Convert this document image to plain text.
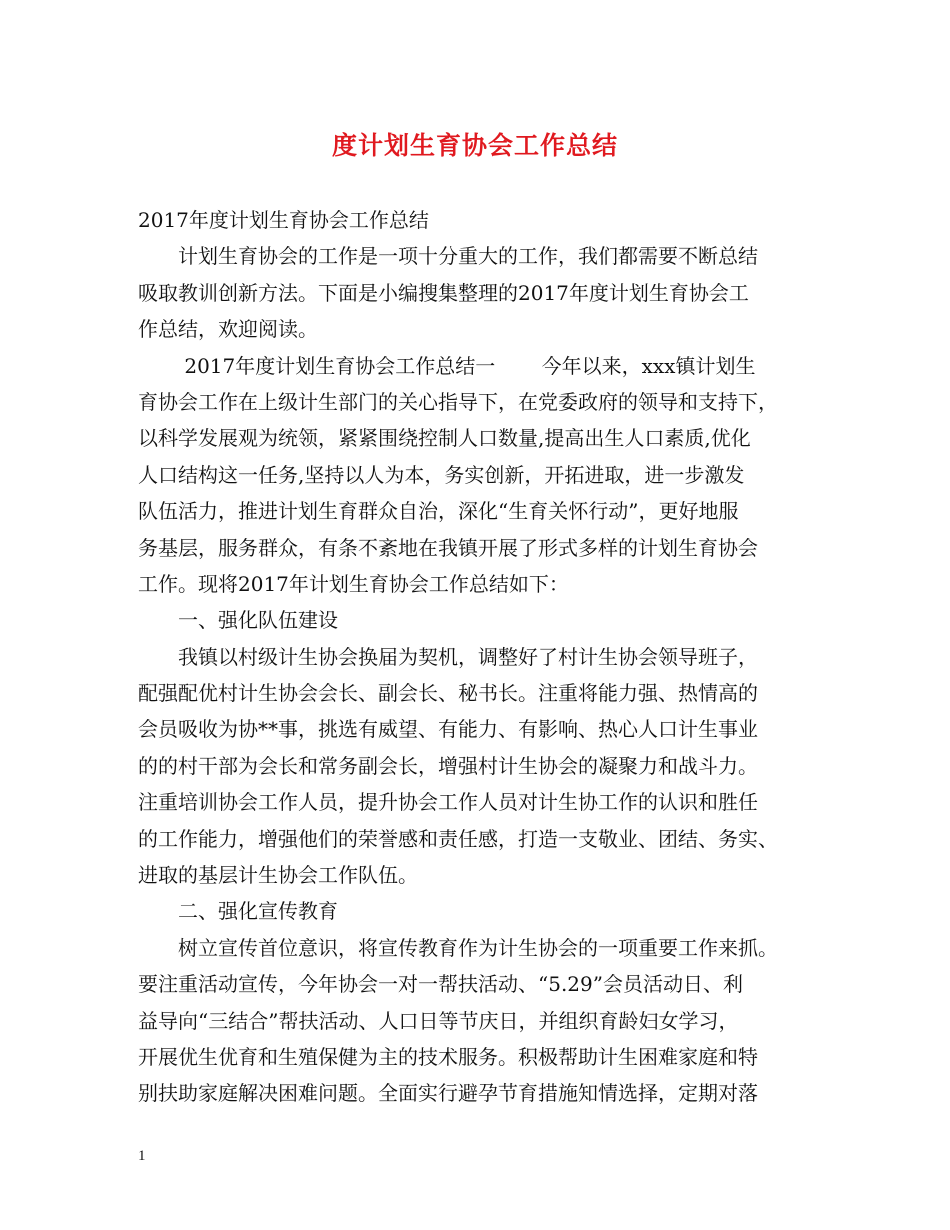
度计划生育协会工作总结
2017年度计划生育协会工作总结
　　计划生育协会的工作是一项十分重大的工作，我们都需要不断总结
吸取教训创新方法。下面是小编搜集整理的2017年度计划生育协会工
作总结，欢迎阅读。
　　 2017年度计划生育协会工作总结一　　 今年以来，xxx镇计划生
育协会工作在上级计生部门的关心指导下，在党委政府的领导和支持下，
以科学发展观为统领，紧紧围绕控制人口数量,提高出生人口素质,优化
人口结构这一任务,坚持以人为本，务实创新，开拓进取，进一步激发
队伍活力，推进计划生育群众自治，深化“生育关怀行动”，更好地服
务基层，服务群众，有条不紊地在我镇开展了形式多样的计划生育协会
工作。现将2017年计划生育协会工作总结如下：
　　一、强化队伍建设
　　我镇以村级计生协会换届为契机，调整好了村计生协会领导班子，
配强配优村计生协会会长、副会长、秘书长。注重将能力强、热情高的
会员吸收为协**事，挑选有威望、有能力、有影响、热心人口计生事业
的的村干部为会长和常务副会长，增强村计生协会的凝聚力和战斗力。
注重培训协会工作人员，提升协会工作人员对计生协工作的认识和胜任
的工作能力，增强他们的荣誉感和责任感，打造一支敬业、团结、务实、
进取的基层计生协会工作队伍。
　　二、强化宣传教育
　　树立宣传首位意识，将宣传教育作为计生协会的一项重要工作来抓。
要注重活动宣传，今年协会一对一帮扶活动、“5.29”会员活动日、利
益导向“三结合”帮扶活动、人口日等节庆日，并组织育龄妇女学习，
开展优生优育和生殖保健为主的技术服务。积极帮助计生困难家庭和特
别扶助家庭解决困难问题。全面实行避孕节育措施知情选择，定期对落
1
